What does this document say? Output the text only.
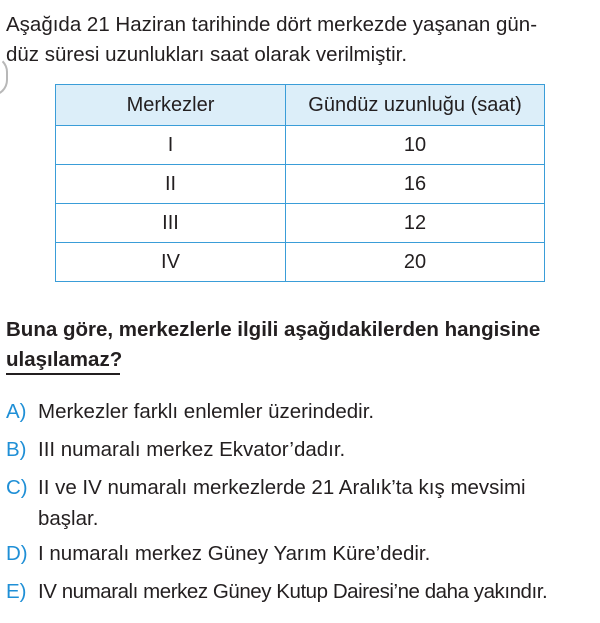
Aşağıda 21 Haziran tarihinde dört merkezde yaşanan gün-
düz süresi uzunlukları saat olarak verilmiştir.

Merkezler	Gündüz uzunluğu (saat)
I	10
II	16
III	12
IV	20

Buna göre, merkezlerle ilgili aşağıdakilerden hangisine
ulaşılamaz?

A) Merkezler farklı enlemler üzerindedir.
B) III numaralı merkez Ekvator’dadır.
C) II ve IV numaralı merkezlerde 21 Aralık’ta kış mevsimi
başlar.
D) I numaralı merkez Güney Yarım Küre’dedir.
E) IV numaralı merkez Güney Kutup Dairesi’ne daha yakındır.
